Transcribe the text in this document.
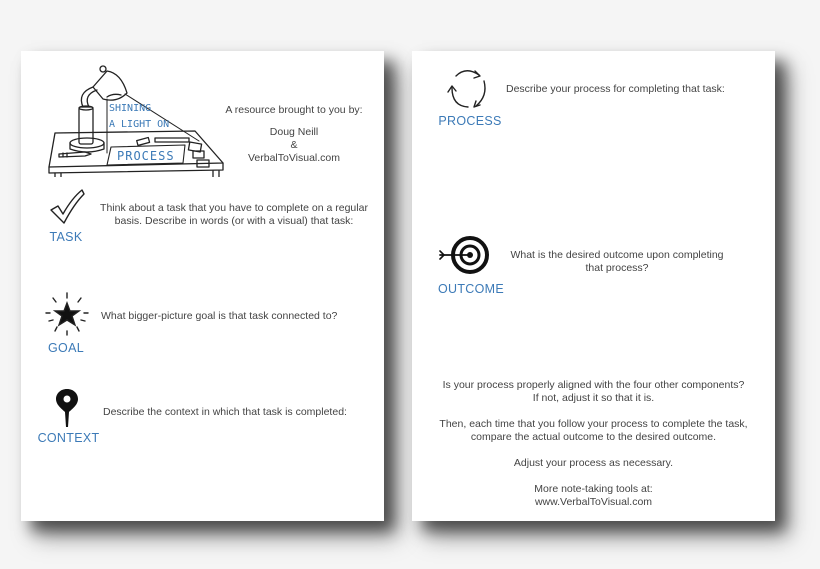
SHINING
A LIGHT ON
PROCESS
A resource brought to you by:
Doug Neill
&
VerbalToVisual.com
TASK
Think about a task that you have to complete on a regular basis. Describe in words (or with a visual) that task:
GOAL
What bigger-picture goal is that task connected to?
CONTEXT
Describe the context in which that task is completed:
PROCESS
Describe your process for completing that task:
OUTCOME
What is the desired outcome upon completing
that process?
Is your process properly aligned with the four other components?
If not, adjust it so that it is.
Then, each time that you follow your process to complete the task,
compare the actual outcome to the desired outcome.
Adjust your process as necessary.
More note-taking tools at:
www.VerbalToVisual.com
